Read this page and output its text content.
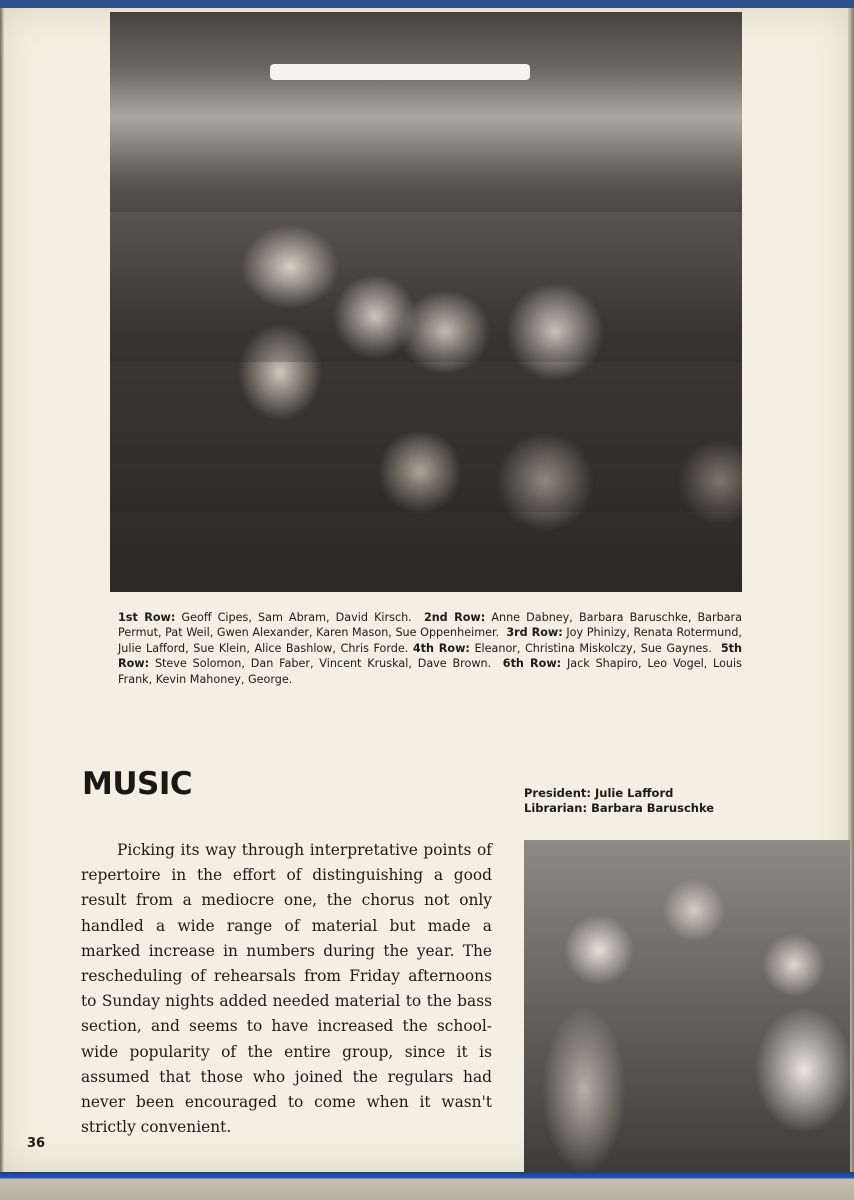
1st Row: Geoff Cipes, Sam Abram, David Kirsch. 2nd Row: Anne Dabney, Barbara Baruschke, Barbara Permut, Pat Weil, Gwen Alexander, Karen Mason, Sue Oppenheimer. 3rd Row: Joy Phinizy, Renata Rotermund, Julie Lafford, Sue Klein, Alice Bashlow, Chris Forde. 4th Row: Eleanor, Christina Miskolczy, Sue Gaynes. 5th Row: Steve Solomon, Dan Faber, Vincent Kruskal, Dave Brown. 6th Row: Jack Shapiro, Leo Vogel, Louis Frank, Kevin Mahoney, George.
MUSIC	President: Julie Lafford
Librarian: Barbara Baruschke

Picking its way through interpretative points of repertoire in the effort of distinguishing a good result from a mediocre one, the chorus not only handled a wide range of material but made a marked increase in numbers during the year. The rescheduling of rehearsals from Friday afternoons to Sunday nights added needed material to the bass section, and seems to have increased the school-wide popularity of the entire group, since it is assumed that those who joined the regulars had never been encouraged to come when it wasn't strictly convenient.

36
